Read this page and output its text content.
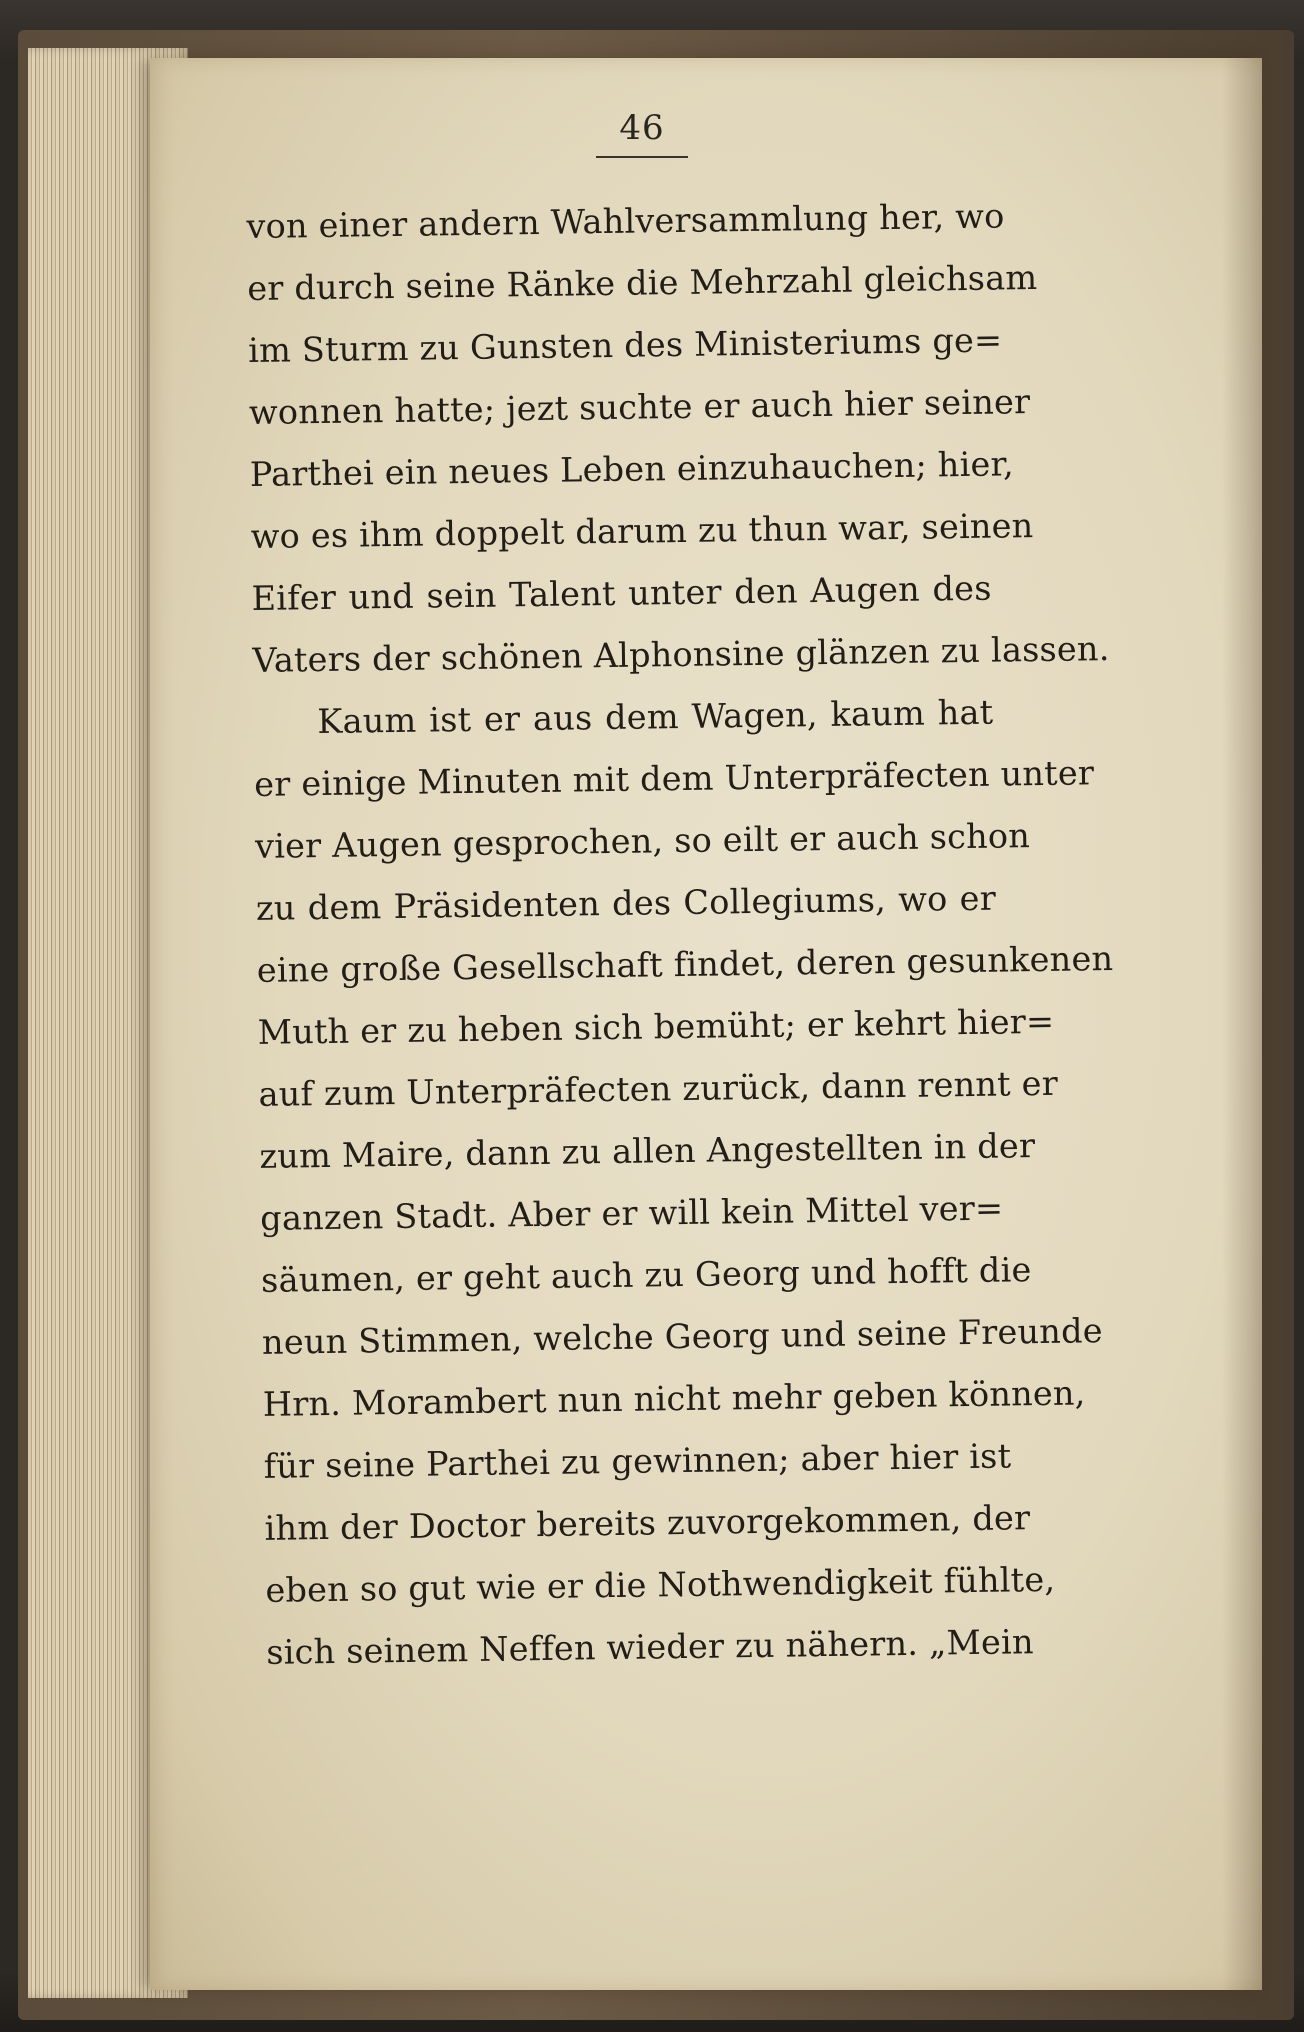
46
von einer andern Wahlversammlung her, wo
er durch seine Ränke die Mehrzahl gleichsam
im Sturm zu Gunsten des Ministeriums ge=
wonnen hatte; jezt suchte er auch hier seiner
Parthei ein neues Leben einzuhauchen; hier,
wo es ihm doppelt darum zu thun war, seinen
Eifer und sein Talent unter den Augen des
Vaters der schönen Alphonsine glänzen zu lassen.
Kaum ist er aus dem Wagen, kaum hat
er einige Minuten mit dem Unterpräfecten unter
vier Augen gesprochen, so eilt er auch schon
zu dem Präsidenten des Collegiums, wo er
eine große Gesellschaft findet, deren gesunkenen
Muth er zu heben sich bemüht; er kehrt hier=
auf zum Unterpräfecten zurück, dann rennt er
zum Maire, dann zu allen Angestellten in der
ganzen Stadt. Aber er will kein Mittel ver=
säumen, er geht auch zu Georg und hofft die
neun Stimmen, welche Georg und seine Freunde
Hrn. Morambert nun nicht mehr geben können,
für seine Parthei zu gewinnen; aber hier ist
ihm der Doctor bereits zuvorgekommen, der
eben so gut wie er die Nothwendigkeit fühlte,
sich seinem Neffen wieder zu nähern. „Mein
